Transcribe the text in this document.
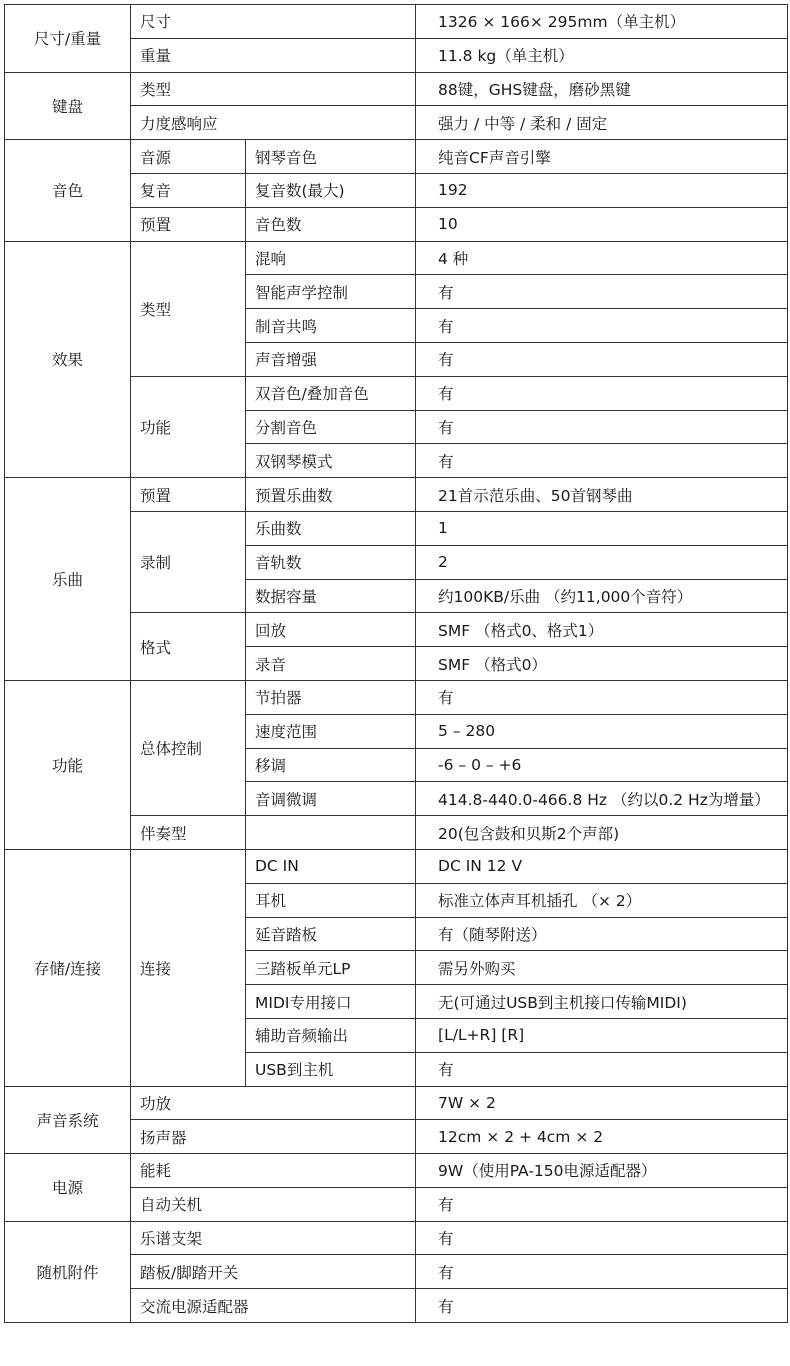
尺寸/重量	尺寸		1326 × 166× 295mm（单主机）
	重量		11.8 kg（单主机）
键盘	类型		88键，GHS键盘，磨砂黑键
	力度感响应		强力 / 中等 / 柔和 / 固定
音色	音源	钢琴音色	纯音CF声音引擎
	复音	复音数(最大)	192
	预置	音色数	10
效果	类型	混响	4 种
		智能声学控制	有
		制音共鸣	有
		声音增强	有
	功能	双音色/叠加音色	有
		分割音色	有
		双钢琴模式	有
乐曲	预置	预置乐曲数	21首示范乐曲、50首钢琴曲
	录制	乐曲数	1
		音轨数	2
		数据容量	约100KB/乐曲 （约11,000个音符）
	格式	回放	SMF （格式0、格式1）
		录音	SMF （格式0）
功能	总体控制	节拍器	有
		速度范围	5 – 280
		移调	-6 – 0 – +6
		音调微调	414.8-440.0-466.8 Hz （约以0.2 Hz为增量）
	伴奏型		20(包含鼓和贝斯2个声部)
存储/连接	连接	DC IN	DC IN 12 V
		耳机	标准立体声耳机插孔 （× 2）
		延音踏板	有（随琴附送）
		三踏板单元LP	需另外购买
		MIDI专用接口	无(可通过USB到主机接口传输MIDI)
		辅助音频输出	[L/L+R] [R]
		USB到主机	有
声音系统	功放		7W × 2
	扬声器		12cm × 2 + 4cm × 2
电源	能耗		9W（使用PA-150电源适配器）
	自动关机		有
随机附件	乐谱支架		有
	踏板/脚踏开关		有
	交流电源适配器		有
